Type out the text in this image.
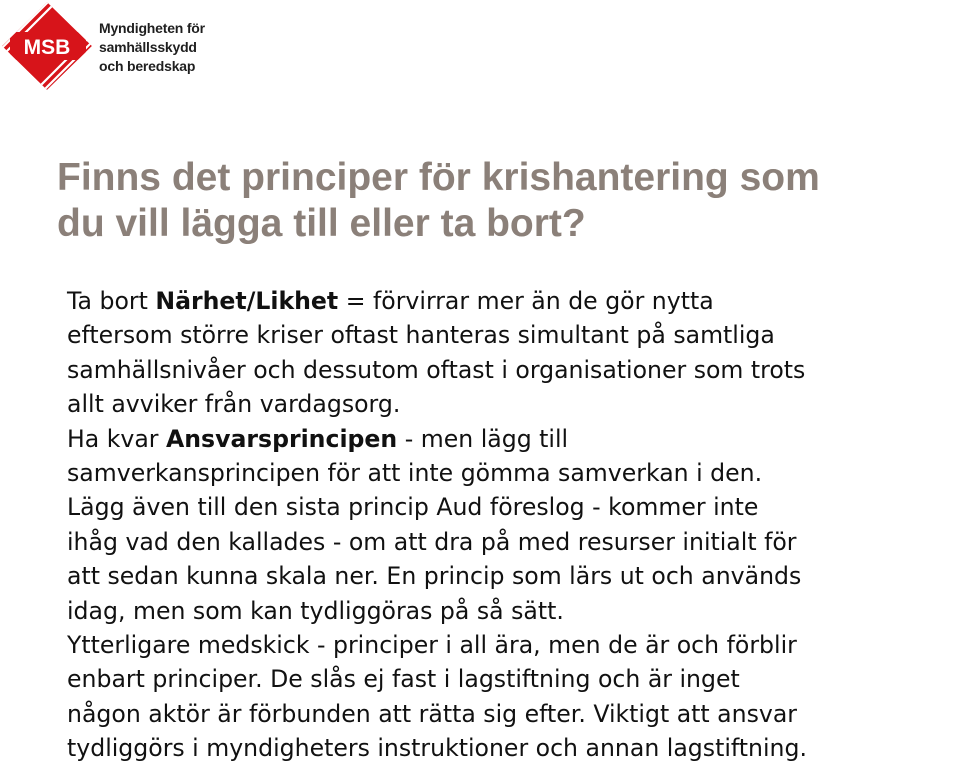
MSB
Myndigheten för
samhällsskydd
och beredskap
Finns det principer för krishantering som
du vill lägga till eller ta bort?
Ta bort Närhet/Likhet = förvirrar mer än de gör nytta
eftersom större kriser oftast hanteras simultant på samtliga
samhällsnivåer och dessutom oftast i organisationer som trots
allt avviker från vardagsorg.
Ha kvar Ansvarsprincipen - men lägg till
samverkansprincipen för att inte gömma samverkan i den.
Lägg även till den sista princip Aud föreslog - kommer inte
ihåg vad den kallades - om att dra på med resurser initialt för
att sedan kunna skala ner. En princip som lärs ut och används
idag, men som kan tydliggöras på så sätt.
Ytterligare medskick - principer i all ära, men de är och förblir
enbart principer. De slås ej fast i lagstiftning och är inget
någon aktör är förbunden att rätta sig efter. Viktigt att ansvar
tydliggörs i myndigheters instruktioner och annan lagstiftning.
